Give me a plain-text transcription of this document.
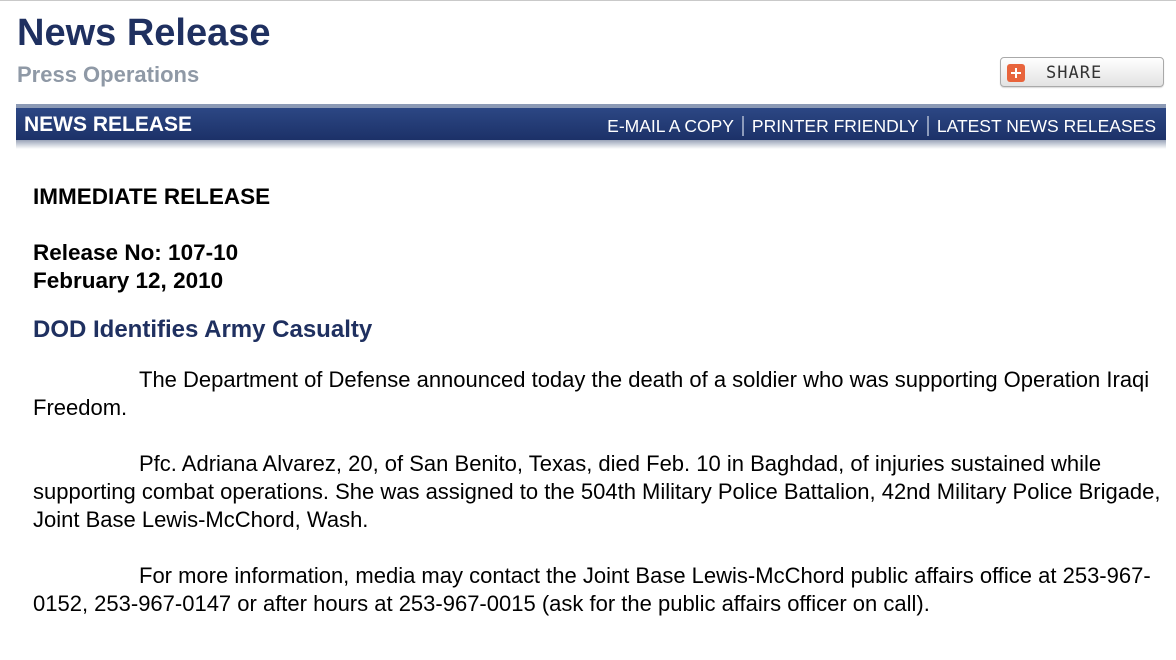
News Release
Press Operations	SHARE
NEWS RELEASE	E-MAIL A COPY PRINTER FRIENDLY LATEST NEWS RELEASES
IMMEDIATE RELEASE
Release No: 107-10
February 12, 2010
DOD Identifies Army Casualty

The Department of Defense announced today the death of a soldier who was supporting Operation Iraqi Freedom.

Pfc. Adriana Alvarez, 20, of San Benito, Texas, died Feb. 10 in Baghdad, of injuries sustained while supporting combat operations. She was assigned to the 504th Military Police Battalion, 42nd Military Police Brigade, Joint Base Lewis-McChord, Wash.

For more information, media may contact the Joint Base Lewis-McChord public affairs office at 253-967-0152, 253-967-0147 or after hours at 253-967-0015 (ask for the public affairs officer on call).
